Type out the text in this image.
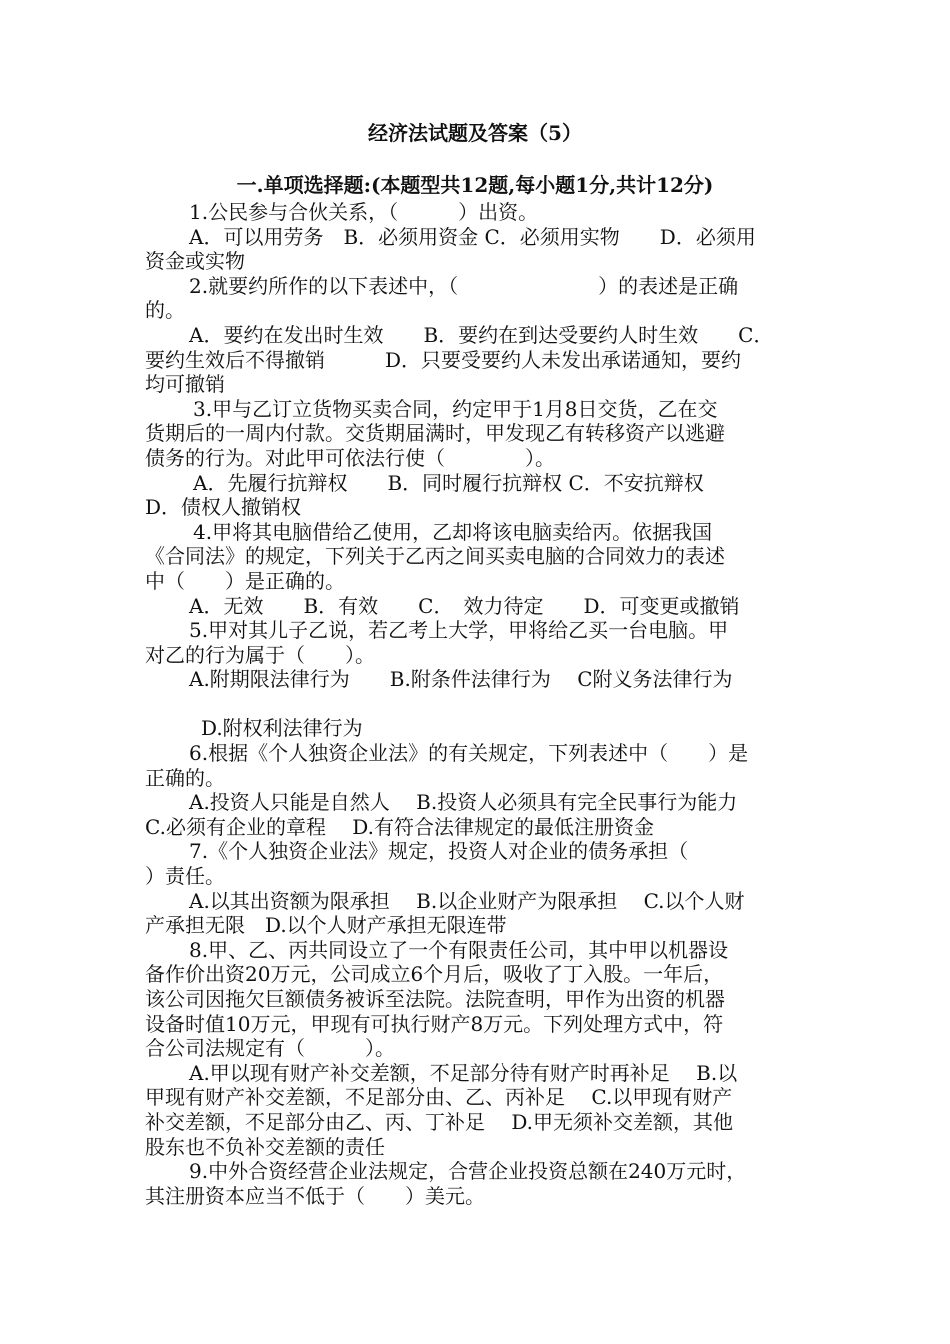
经济法试题及答案（5）
一.单项选择题:(本题型共12题,每小题1分,共计12分)
1.公民参与合伙关系，（　　　）出资。
A．可以用劳务　B．必须用资金 C．必须用实物　　D．必须用
资金或实物
2.就要约所作的以下表述中，（　　　　　　　）的表述是正确
的。
A．要约在发出时生效　　B．要约在到达受要约人时生效　　C．
要约生效后不得撤销　　　D．只要受要约人未发出承诺通知，要约
均可撤销
3.甲与乙订立货物买卖合同，约定甲于1月8日交货，乙在交
货期后的一周内付款。交货期届满时，甲发现乙有转移资产以逃避
债务的行为。对此甲可依法行使（　　　　）。
A．先履行抗辩权　　B．同时履行抗辩权 C．不安抗辩权
D．债权人撤销权
4.甲将其电脑借给乙使用，乙却将该电脑卖给丙。依据我国
《合同法》的规定，下列关于乙丙之间买卖电脑的合同效力的表述
中（　　）是正确的。
A．无效　　B．有效　　C．　效力待定　　D．可变更或撤销
5.甲对其儿子乙说，若乙考上大学，甲将给乙买一台电脑。甲
对乙的行为属于（　　）。
A.附期限法律行为　　B.附条件法律行为　 C附义务法律行为
D.附权利法律行为
6.根据《个人独资企业法》的有关规定，下列表述中（　　）是
正确的。
A.投资人只能是自然人　 B.投资人必须具有完全民事行为能力
C.必须有企业的章程　 D.有符合法律规定的最低注册资金
7.《个人独资企业法》规定，投资人对企业的债务承担（
）责任。
A.以其出资额为限承担　 B.以企业财产为限承担　 C.以个人财
产承担无限　D.以个人财产承担无限连带
8.甲、乙、丙共同设立了一个有限责任公司，其中甲以机器设
备作价出资20万元，公司成立6个月后，吸收了丁入股。一年后，
该公司因拖欠巨额债务被诉至法院。法院查明，甲作为出资的机器
设备时值10万元，甲现有可执行财产8万元。下列处理方式中，符
合公司法规定有（　　　）。
A.甲以现有财产补交差额，不足部分待有财产时再补足　 B.以
甲现有财产补交差额，不足部分由、乙、丙补足　 C.以甲现有财产
补交差额，不足部分由乙、丙、丁补足　 D.甲无须补交差额，其他
股东也不负补交差额的责任
9.中外合资经营企业法规定，合营企业投资总额在240万元时，
其注册资本应当不低于（　　）美元。
